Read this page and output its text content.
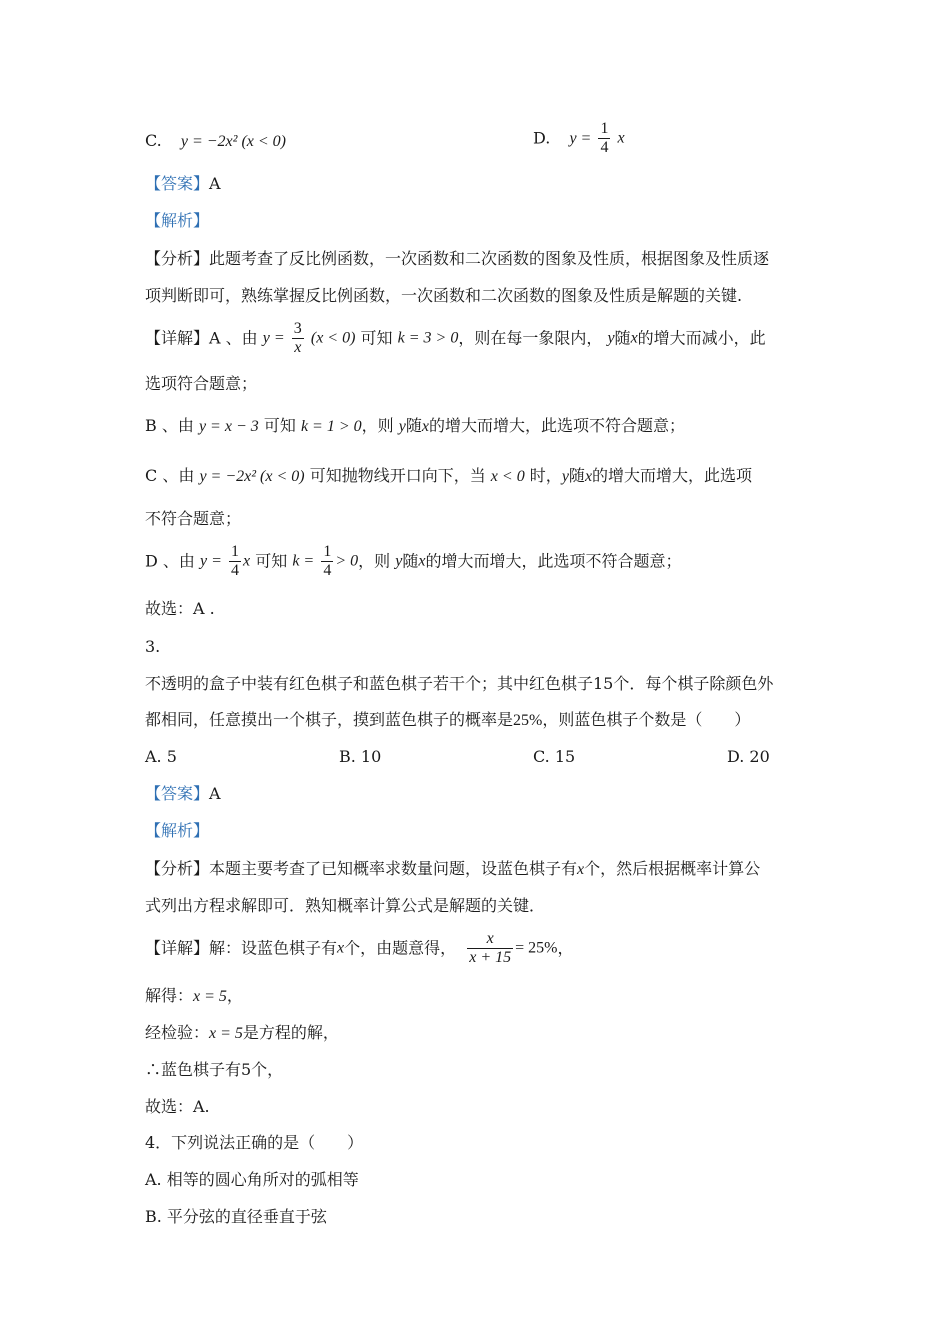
C. y = −2x² (x < 0)	D. $y = \frac{1}{4}$ x
【答案】A
【解析】
【分析】此题考查了反比例函数，一次函数和二次函数的图象及性质，根据图象及性质逐
项判断即可，熟练掌握反比例函数，一次函数和二次函数的图象及性质是解题的关键.
【详解】A 、由 $y = \frac{3}{x} (x < 0)$ 可知 k = 3 > 0，则在每一象限内， y随x的增大而减小，此
选项符合题意；
B 、由 y = x − 3 可知 k = 1 > 0，则 y随x的增大而增大，此选项不符合题意；
C 、由 y = −2x² (x < 0) 可知抛物线开口向下，当 x < 0 时，y随x的增大而增大，此选项
不符合题意；
D 、由 $y = \frac{1}{4}$ x 可知 $k = \frac{1}{4} > 0$，则 y随x的增大而增大，此选项不符合题意；
故选：A .
3.
不透明的盒子中装有红色棋子和蓝色棋子若干个；其中红色棋子15个．每个棋子除颜色外
都相同，任意摸出一个棋子，摸到蓝色棋子的概率是25%，则蓝色棋子个数是（　　）
A. 5	B. 10	C. 15	D. 20
【答案】A
【解析】
【分析】本题主要考查了已知概率求数量问题，设蓝色棋子有x个，然后根据概率计算公
式列出方程求解即可．熟知概率计算公式是解题的关键．
【详解】解：设蓝色棋子有x个，由题意得， $\frac{x}{x + 15} = 25\%$，
解得：x = 5，
经检验：x = 5是方程的解，
∴蓝色棋子有5个，
故选：A.
4．下列说法正确的是（　　）
A. 相等的圆心角所对的弧相等
B. 平分弦的直径垂直于弦
